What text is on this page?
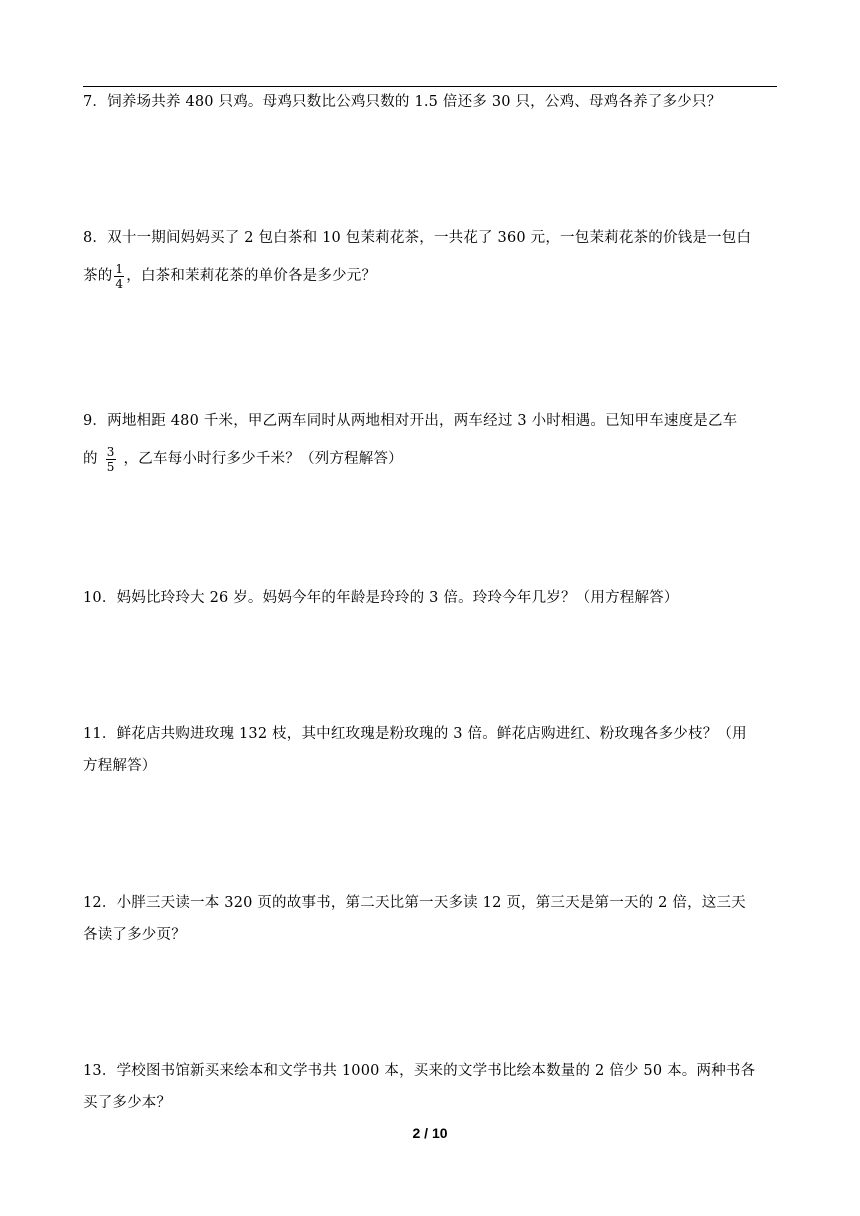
7．饲养场共养 480 只鸡。母鸡只数比公鸡只数的 1.5 倍还多 30 只，公鸡、母鸡各养了多少只？
8．双十一期间妈妈买了 2 包白茶和 10 包茉莉花茶，一共花了 360 元，一包茉莉花茶的价钱是一包白
茶的 $\frac{1}{4}$ ，白茶和茉莉花茶的单价各是多少元？
9．两地相距 480 千米，甲乙两车同时从两地相对开出，两车经过 3 小时相遇。已知甲车速度是乙车
的 $\frac{3}{5}$ ，乙车每小时行多少千米？（列方程解答）
10．妈妈比玲玲大 26 岁。妈妈今年的年龄是玲玲的 3 倍。玲玲今年几岁？（用方程解答）
11．鲜花店共购进玫瑰 132 枝，其中红玫瑰是粉玫瑰的 3 倍。鲜花店购进红、粉玫瑰各多少枝？（用
方程解答）
12．小胖三天读一本 320 页的故事书，第二天比第一天多读 12 页，第三天是第一天的 2 倍，这三天
各读了多少页？
13．学校图书馆新买来绘本和文学书共 1000 本，买来的文学书比绘本数量的 2 倍少 50 本。两种书各
买了多少本？
2 / 10
